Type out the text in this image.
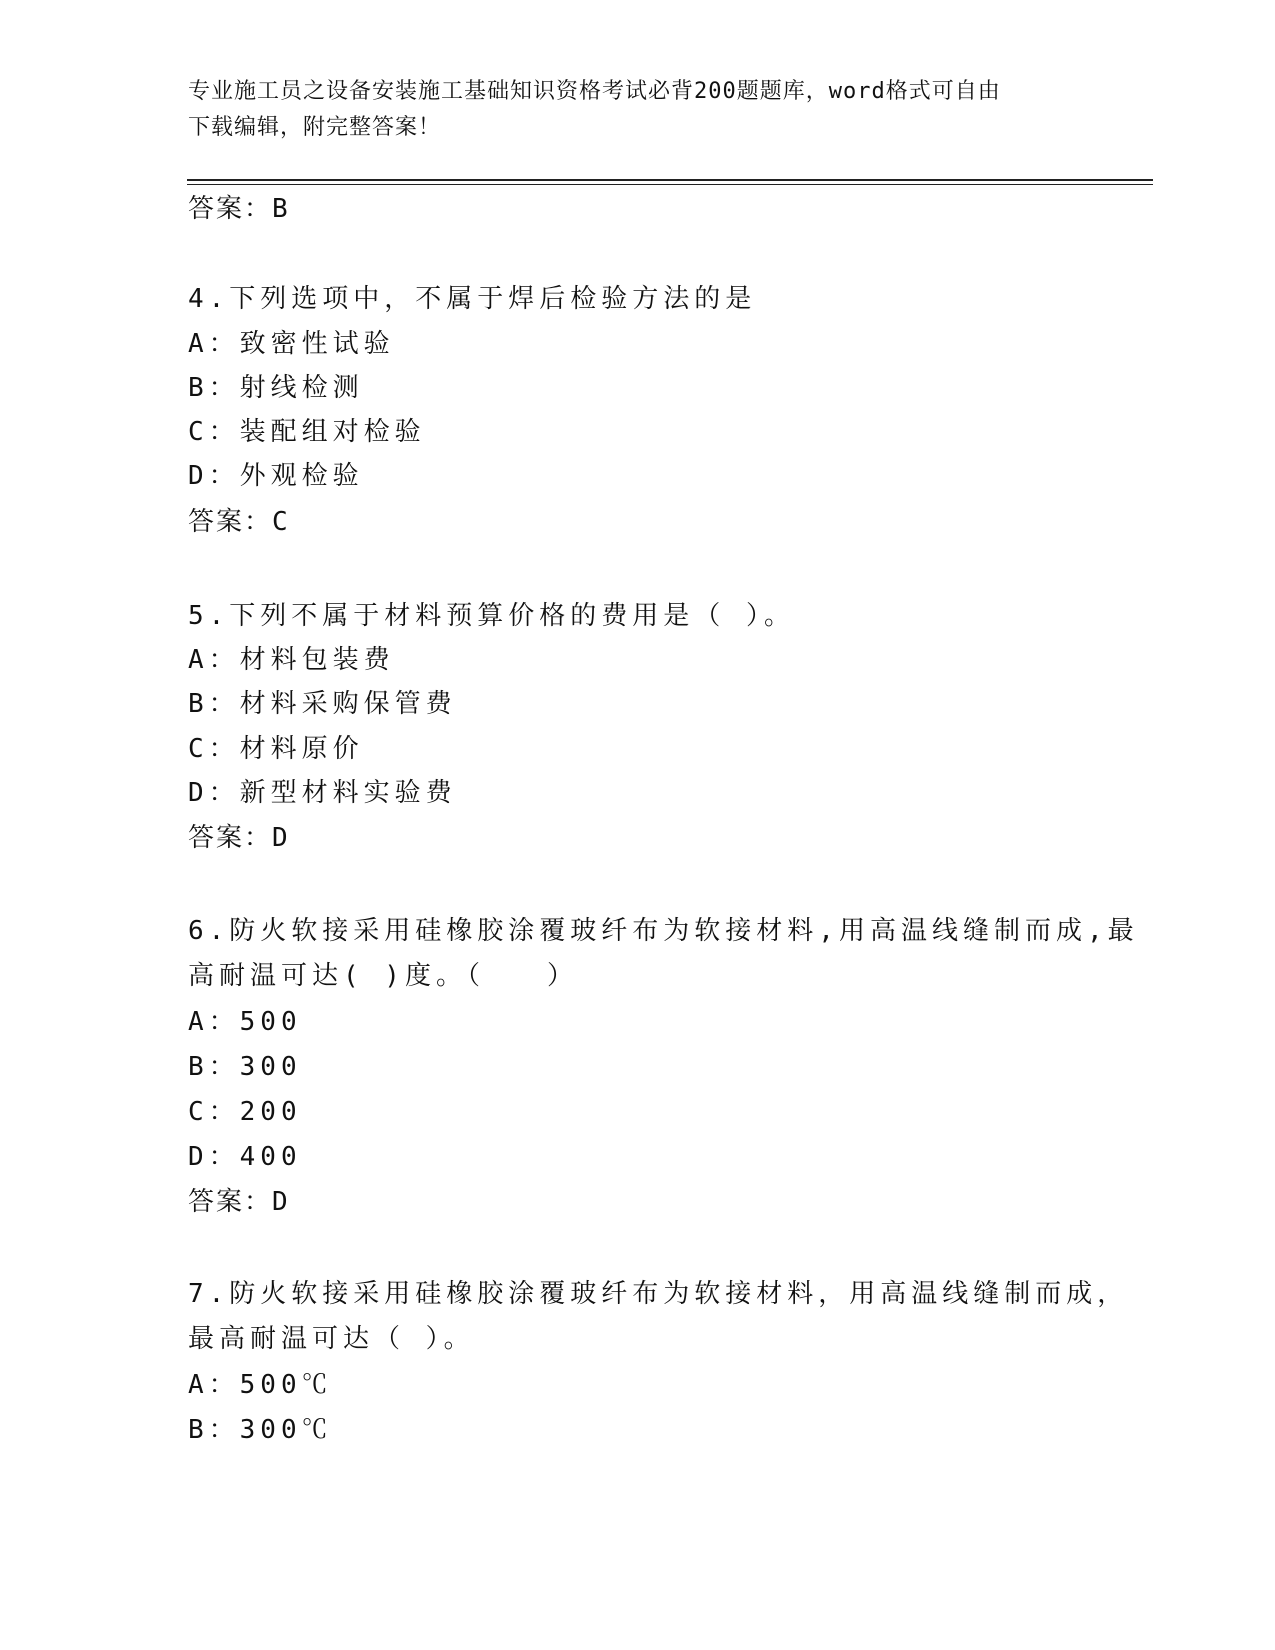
专业施工员之设备安装施工基础知识资格考试必背200题题库，word格式可自由
下载编辑，附完整答案！
答案：B
4.下列选项中，不属于焊后检验方法的是
A：致密性试验
B：射线检测
C：装配组对检验
D：外观检验
答案：C
5.下列不属于材料预算价格的费用是（ ）。
A：材料包装费
B：材料采购保管费
C：材料原价
D：新型材料实验费
答案：D
6.防火软接采用硅橡胶涂覆玻纤布为软接材料,用高温线缝制而成,最
高耐温可达( )度。（　　）
A：500
B：300
C：200
D：400
答案：D
7.防火软接采用硅橡胶涂覆玻纤布为软接材料，用高温线缝制而成，
最高耐温可达（ ）。
A：500℃
B：300℃
